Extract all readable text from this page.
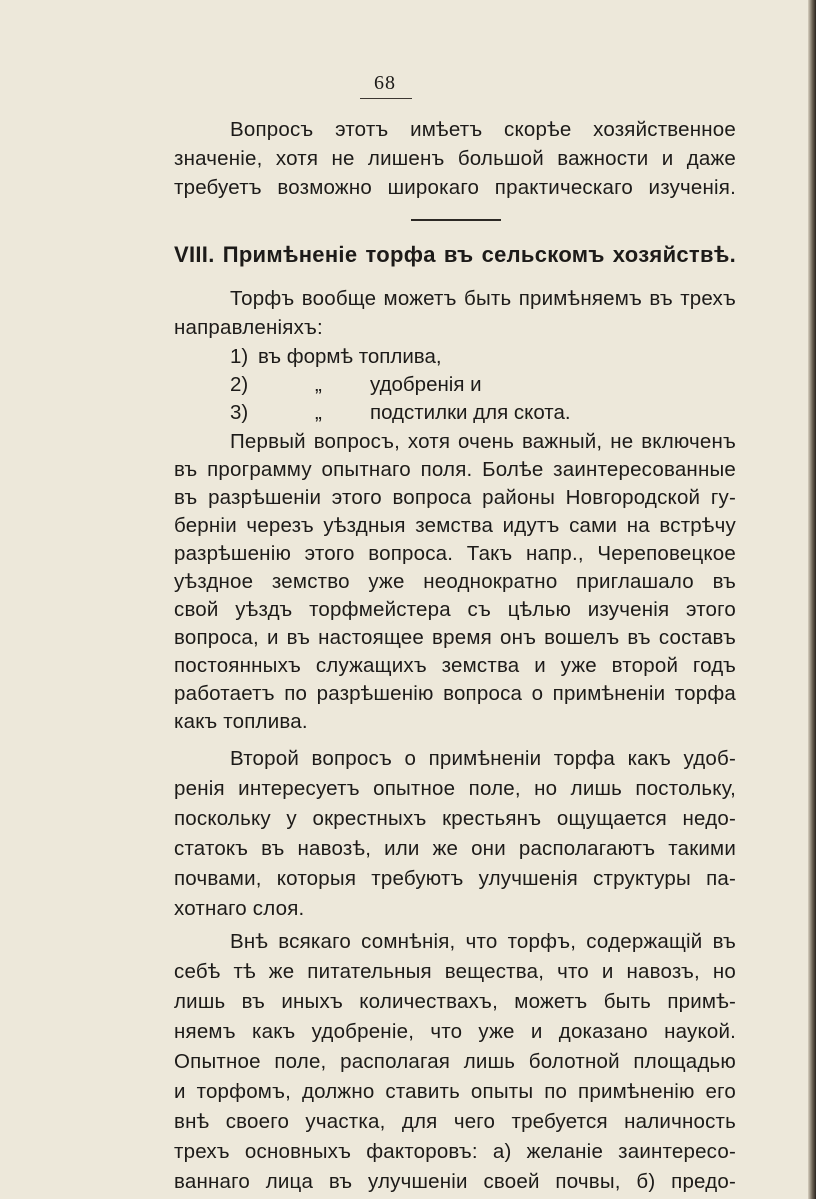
68
Вопросъ этотъ имѣетъ скорѣе хозяйственное
значеніе, хотя не лишенъ большой важности и даже
требуетъ возможно широкаго практическаго изученія.
VIII. Примѣненіе торфа въ сельскомъ хозяйствѣ.
Торфъ вообще можетъ быть примѣняемъ въ трехъ
направленіяхъ:
1) въ формѣ топлива,
2)	„ удобренія и
3)	„ подстилки для скота.
Первый вопросъ, хотя очень важный, не включенъ
въ программу опытнаго поля. Болѣе заинтересованные
въ разрѣшеніи этого вопроса районы Новгородской гу-
берніи черезъ уѣздныя земства идутъ сами на встрѣчу
разрѣшенію этого вопроса. Такъ напр., Череповецкое
уѣздное земство уже неоднократно приглашало въ
свой уѣздъ торфмейстера съ цѣлью изученія этого
вопроса, и въ настоящее время онъ вошелъ въ составъ
постоянныхъ служащихъ земства и уже второй годъ
работаетъ по разрѣшенію вопроса о примѣненіи торфа
какъ топлива.
Второй вопросъ о примѣненіи торфа какъ удоб-
ренія интересуетъ опытное поле, но лишь постольку,
поскольку у окрестныхъ крестьянъ ощущается недо-
статокъ въ навозѣ, или же они располагаютъ такими
почвами, которыя требуютъ улучшенія структуры па-
хотнаго слоя.
Внѣ всякаго сомнѣнія, что торфъ, содержащій въ
себѣ тѣ же питательныя вещества, что и навозъ, но
лишь въ иныхъ количествахъ, можетъ быть примѣ-
няемъ какъ удобреніе, что уже и доказано наукой.
Опытное поле, располагая лишь болотной площадью
и торфомъ, должно ставить опыты по примѣненію его
внѣ своего участка, для чего требуется наличность
трехъ основныхъ факторовъ: а) желаніе заинтересо-
ваннаго лица въ улучшеніи своей почвы, б) предо-
